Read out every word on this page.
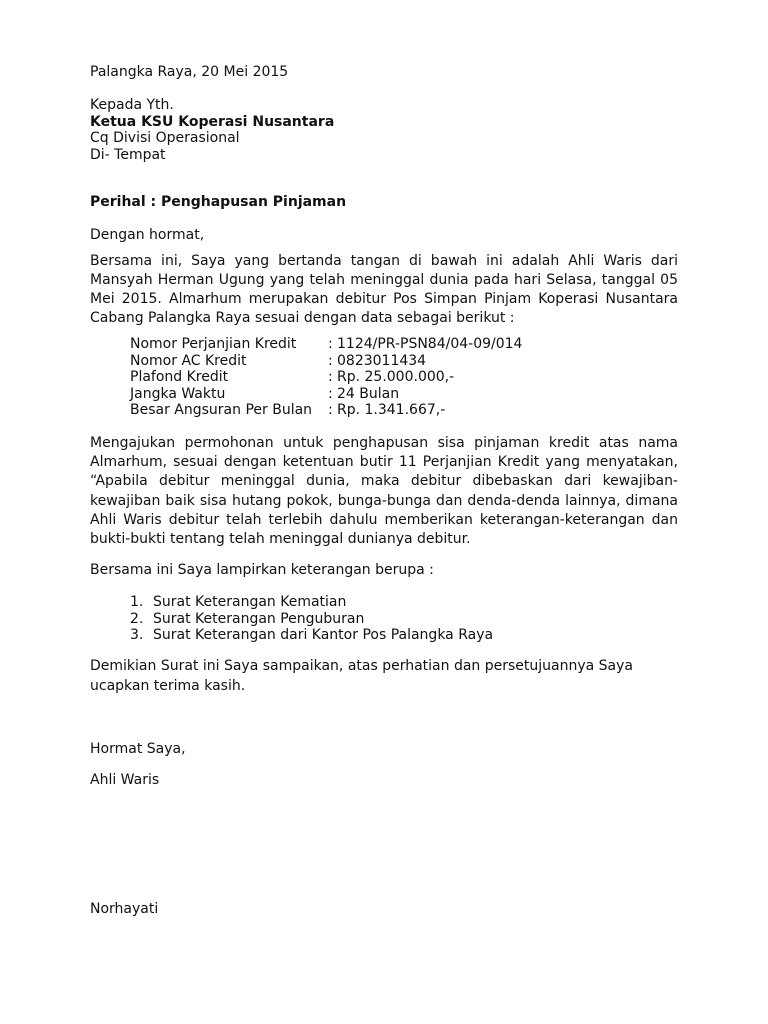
Palangka Raya, 20 Mei 2015

Kepada Yth.
Ketua KSU Koperasi Nusantara
Cq Divisi Operasional
Di- Tempat

Perihal : Penghapusan Pinjaman

Dengan hormat,

Bersama ini, Saya yang bertanda tangan di bawah ini adalah Ahli Waris dari
Mansyah Herman Ugung yang telah meninggal dunia pada hari Selasa, tanggal 05
Mei 2015. Almarhum merupakan debitur Pos Simpan Pinjam Koperasi Nusantara
Cabang Palangka Raya sesuai dengan data sebagai berikut :

Nomor Perjanjian Kredit	: 1124/PR-PSN84/04-09/014
Nomor AC Kredit	: 0823011434
Plafond Kredit	: Rp. 25.000.000,-
Jangka Waktu	: 24 Bulan
Besar Angsuran Per Bulan	: Rp. 1.341.667,-

Mengajukan permohonan untuk penghapusan sisa pinjaman kredit atas nama
Almarhum, sesuai dengan ketentuan butir 11 Perjanjian Kredit yang menyatakan,
“Apabila debitur meninggal dunia, maka debitur dibebaskan dari kewajiban-
kewajiban baik sisa hutang pokok, bunga-bunga dan denda-denda lainnya, dimana
Ahli Waris debitur telah terlebih dahulu memberikan keterangan-keterangan dan
bukti-bukti tentang telah meninggal dunianya debitur.

Bersama ini Saya lampirkan keterangan berupa :

1. Surat Keterangan Kematian
2. Surat Keterangan Penguburan
3. Surat Keterangan dari Kantor Pos Palangka Raya

Demikian Surat ini Saya sampaikan, atas perhatian dan persetujuannya Saya
ucapkan terima kasih.

Hormat Saya,

Ahli Waris

Norhayati
